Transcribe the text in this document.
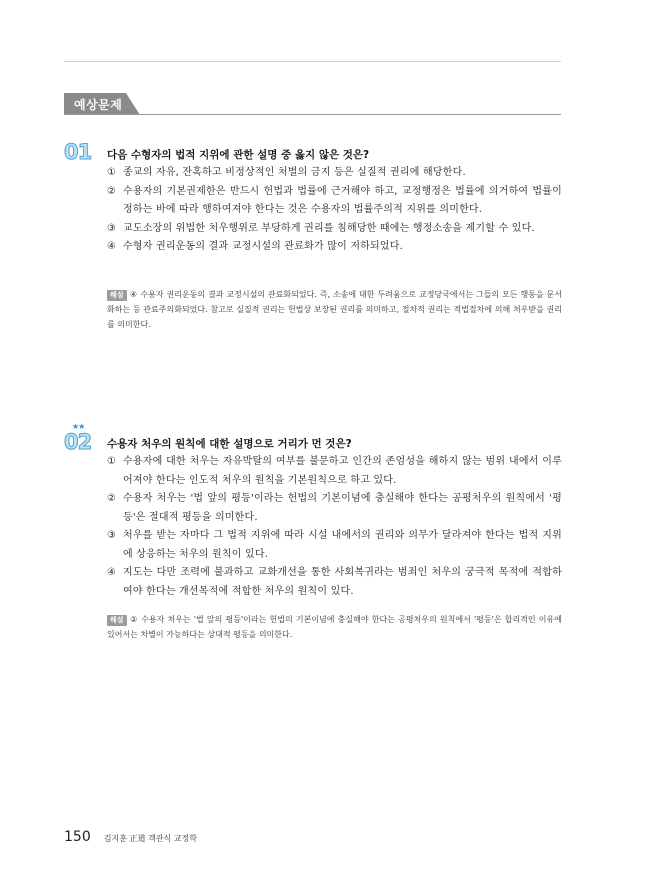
예상문제
01 다음 수형자의 법적 지위에 관한 설명 중 옳지 않은 것은?
① 종교의 자유, 잔혹하고 비정상적인 처벌의 금지 등은 실질적 권리에 해당한다.
② 수용자의 기본권제한은 반드시 헌법과 법률에 근거해야 하고, 교정행정은 법률에 의거하여 법률이 정하는 바에 따라 행하여져야 한다는 것은 수용자의 법률주의적 지위를 의미한다.
③ 교도소장의 위법한 처우행위로 부당하게 권리를 침해당한 때에는 행정소송을 제기할 수 있다.
④ 수형자 권리운동의 결과 교정시설의 관료화가 많이 저하되었다.

해설 ④ 수용자 권리운동의 결과 교정시설의 관료화되었다. 즉, 소송에 대한 두려움으로 교정당국에서는 그들의 모든 행동을 문서화하는 등 관료주의화되었다. 참고로 실질적 권리는 헌법상 보장된 권리를 의미하고, 절차적 권리는 적법절차에 의해 처우받을 권리를 의미한다.

★★
02 수용자 처우의 원칙에 대한 설명으로 거리가 먼 것은?
① 수용자에 대한 처우는 자유박탈의 여부를 불문하고 인간의 존엄성을 해하지 않는 범위 내에서 이루어져야 한다는 인도적 처우의 원칙을 기본원칙으로 하고 있다.
② 수용자 처우는 '법 앞의 평등'이라는 헌법의 기본이념에 충실해야 한다는 공평처우의 원칙에서 '평등'은 절대적 평등을 의미한다.
③ 처우를 받는 자마다 그 법적 지위에 따라 시설 내에서의 권리와 의무가 달라져야 한다는 법적 지위에 상응하는 처우의 원칙이 있다.
④ 지도는 다만 조력에 불과하고 교화개선을 통한 사회복귀라는 범죄인 처우의 궁극적 목적에 적합하여야 한다는 개선목적에 적합한 처우의 원칙이 있다.

해설 ② 수용자 처우는 '법 앞의 평등'이라는 헌법의 기본이념에 충실해야 한다는 공평처우의 원칙에서 '평등'은 합리적인 이유에 있어서는 차별이 가능하다는 상대적 평등을 의미한다.

150 김지훈 正道 객관식 교정학
